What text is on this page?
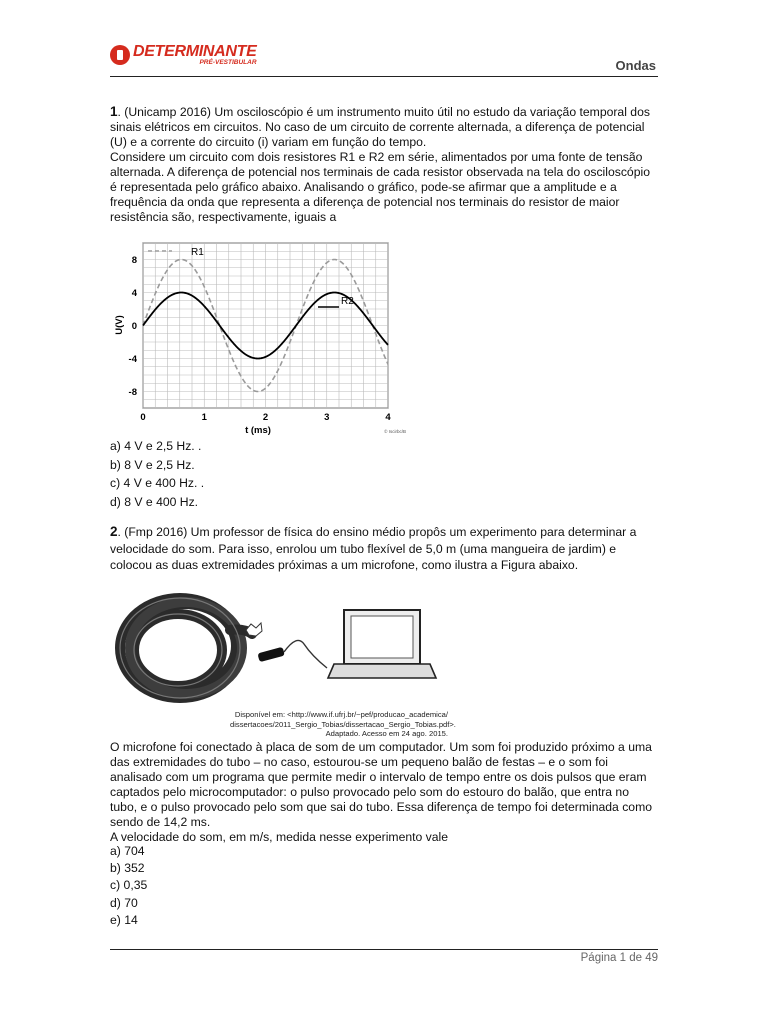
DETERMINANTE
PRÉ-VESTIBULAR	Ondas

1. (Unicamp 2016) Um osciloscópio é um instrumento muito útil no estudo da variação temporal dos sinais elétricos em circuitos. No caso de um circuito de corrente alternada, a diferença de potencial (U) e a corrente do circuito (i) variam em função do tempo.

Considere um circuito com dois resistores R1 e R2 em série, alimentados por uma fonte de tensão alternada. A diferença de potencial nos terminais de cada resistor observada na tela do osciloscópio é representada pelo gráfico abaixo. Analisando o gráfico, pode-se afirmar que a amplitude e a frequência da onda que representa a diferença de potencial nos terminais do resistor de maior resistência são, respectivamente, iguais a

0	1	2	3	4
8
4
0
-4
-8
R1
R2
t (ms)
U(V)
© Iscirbc/B
a) 4 V e 2,5 Hz. .
b) 8 V e 2,5 Hz.
c) 4 V e 400 Hz. .
d) 8 V e 400 Hz.

2. (Fmp 2016) Um professor de física do ensino médio propôs um experimento para determinar a velocidade do som. Para isso, enrolou um tubo flexível de 5,0 m (uma mangueira de jardim) e colocou as duas extremidades próximas a um microfone, como ilustra a Figura abaixo.

Disponível em: <http://www.if.ufrj.br/~pef/producao_academica/
dissertacoes/2011_Sergio_Tobias/dissertacao_Sergio_Tobias.pdf>.
Adaptado. Acesso em 24 ago. 2015.

O microfone foi conectado à placa de som de um computador. Um som foi produzido próximo a uma das extremidades do tubo – no caso, estourou-se um pequeno balão de festas – e o som foi analisado com um programa que permite medir o intervalo de tempo entre os dois pulsos que eram captados pelo microcomputador: o pulso provocado pelo som do estouro do balão, que entra no tubo, e o pulso provocado pelo som que sai do tubo. Essa diferença de tempo foi determinada como sendo de 14,2 ms.

A velocidade do som, em m/s, medida nesse experimento vale

a) 704
b) 352
c) 0,35
d) 70
e) 14
Página 1 de 49
